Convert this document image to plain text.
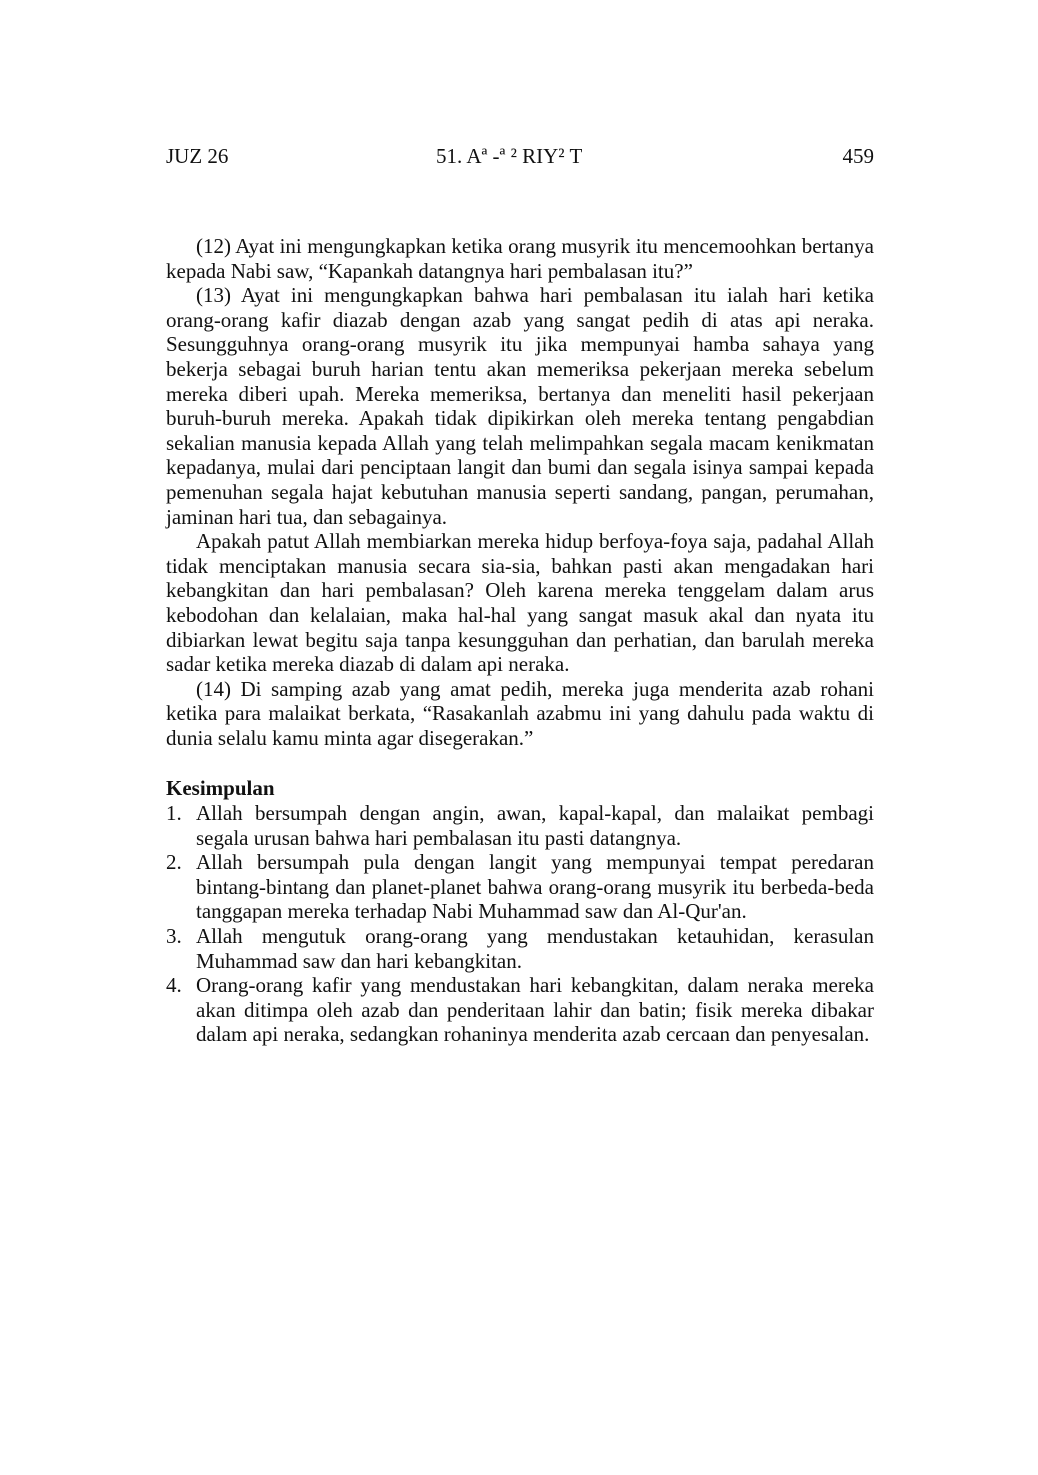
JUZ 26	51. Aª -ª ² RIY² T	459

(12) Ayat ini mengungkapkan ketika orang musyrik itu mencemoohkan bertanya kepada Nabi saw, “Kapankah datangnya hari pembalasan itu?”

(13) Ayat ini mengungkapkan bahwa hari pembalasan itu ialah hari ketika orang-orang kafir diazab dengan azab yang sangat pedih di atas api neraka. Sesungguhnya orang-orang musyrik itu jika mempunyai hamba sahaya yang bekerja sebagai buruh harian tentu akan memeriksa pekerjaan mereka sebelum mereka diberi upah. Mereka memeriksa, bertanya dan meneliti hasil pekerjaan buruh-buruh mereka. Apakah tidak dipikirkan oleh mereka tentang pengabdian sekalian manusia kepada Allah yang telah melimpahkan segala macam kenikmatan kepadanya, mulai dari penciptaan langit dan bumi dan segala isinya sampai kepada pemenuhan segala hajat kebutuhan manusia seperti sandang, pangan, perumahan, jaminan hari tua, dan sebagainya.

Apakah patut Allah membiarkan mereka hidup berfoya-foya saja, padahal Allah tidak menciptakan manusia secara sia-sia, bahkan pasti akan mengadakan hari kebangkitan dan hari pembalasan? Oleh karena mereka tenggelam dalam arus kebodohan dan kelalaian, maka hal-hal yang sangat masuk akal dan nyata itu dibiarkan lewat begitu saja tanpa kesungguhan dan perhatian, dan barulah mereka sadar ketika mereka diazab di dalam api neraka.

(14) Di samping azab yang amat pedih, mereka juga menderita azab rohani ketika para malaikat berkata, “Rasakanlah azabmu ini yang dahulu pada waktu di dunia selalu kamu minta agar disegerakan.”

Kesimpulan
1. Allah bersumpah dengan angin, awan, kapal-kapal, dan malaikat pembagi segala urusan bahwa hari pembalasan itu pasti datangnya.
2. Allah bersumpah pula dengan langit yang mempunyai tempat peredaran bintang-bintang dan planet-planet bahwa orang-orang musyrik itu berbeda-beda tanggapan mereka terhadap Nabi Muhammad saw dan Al-Qur'an.
3. Allah mengutuk orang-orang yang mendustakan ketauhidan, kerasulan Muhammad saw dan hari kebangkitan.
4. Orang-orang kafir yang mendustakan hari kebangkitan, dalam neraka mereka akan ditimpa oleh azab dan penderitaan lahir dan batin; fisik mereka dibakar dalam api neraka, sedangkan rohaninya menderita azab cercaan dan penyesalan.
